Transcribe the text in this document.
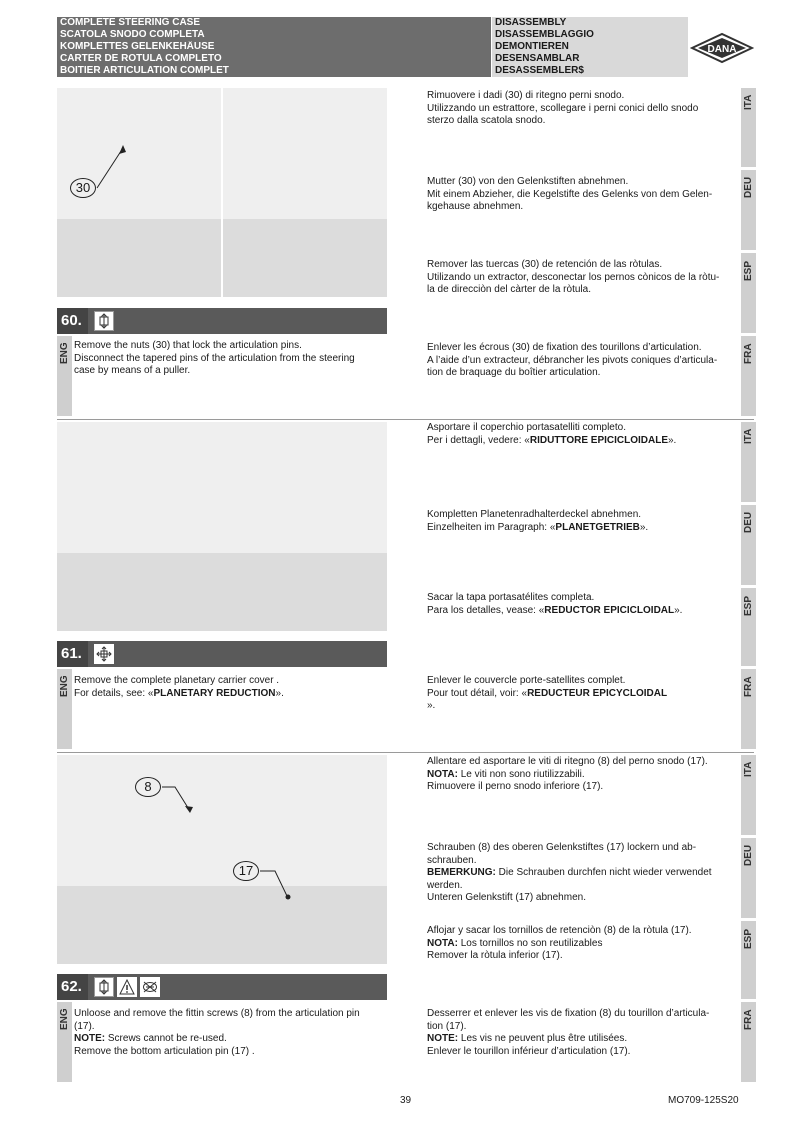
COMPLETE STEERING CASE
SCATOLA SNODO COMPLETA
KOMPLETTES GELENKEHÄUSE
CARTER DE ROTULA COMPLETO
BOITIER ARTICULATION COMPLET
DISASSEMBLY
DISASSEMBLAGGIO
DEMONTIEREN
DESENSAMBLAR
DÉSASSEMBLER$
DANA
30
60.
ENG Remove the nuts (30) that lock the articulation pins.
Disconnect the tapered pins of the articulation from the steering
case by means of a puller.
Rimuovere i dadi (30) di ritegno perni snodo.
Utilizzando un estrattore, scollegare i perni conici dello snodo
sterzo dalla scatola snodo.
Mutter (30) von den Gelenkstiften abnehmen.
Mit einem Abzieher, die Kegelstifte des Gelenks von dem Gelen-
kgehause abnehmen.
Remover las tuercas (30) de retención de las ròtulas.
Utilizando un extractor, desconectar los pernos cònicos de la ròtu-
la de direcciòn del càrter de la ròtula.
Enlever les écrous (30) de fixation des tourillons d’articulation.
A l’aide d’un extracteur, débrancher les pivots coniques d’articula-
tion de braquage du boîtier articulation.
ITA
DEU
ESP
FRA
61.
ENG Remove the complete planetary carrier cover .
For details, see: «PLANETARY REDUCTION».
Asportare il coperchio portasatelliti completo.
Per i dettagli, vedere: «RIDUTTORE EPICICLOIDALE».
Kompletten Planetenradhalterdeckel abnehmen.
Einzelheiten im Paragraph: «PLANETGETRIEB».
Sacar la tapa portasatélites completa.
Para los detalles, vease: «REDUCTOR EPICICLOIDAL».
Enlever le couvercle porte-satellites complet.
Pour tout détail, voir: «REDUCTEUR EPICYCLOIDAL
».
ITA
DEU
ESP
FRA
8
17
62.
ENG Unloose and remove the fittin screws (8) from the articulation pin
(17).
NOTE: Screws cannot be re-used.
Remove the bottom articulation pin (17) .
Allentare ed asportare le viti di ritegno (8) del perno snodo (17).
NOTA: Le viti non sono riutilizzabili.
Rimuovere il perno snodo inferiore (17).
Schrauben (8) des oberen Gelenkstiftes (17) lockern und ab-
schrauben.
BEMERKUNG: Die Schrauben durchfen nicht wieder verwendet
werden.
Unteren Gelenkstift (17) abnehmen.
Aflojar y sacar los tornillos de retenciòn (8) de la ròtula (17).
NOTA: Los tornillos no son reutilizables
Remover la ròtula inferior (17).
Desserrer et enlever les vis de fixation (8) du tourillon d’articula-
tion (17).
NOTE: Les vis ne peuvent plus être utilisées.
Enlever le tourillon inférieur d’articulation (17).
ITA
DEU
ESP
FRA
39	MO709-125S20
